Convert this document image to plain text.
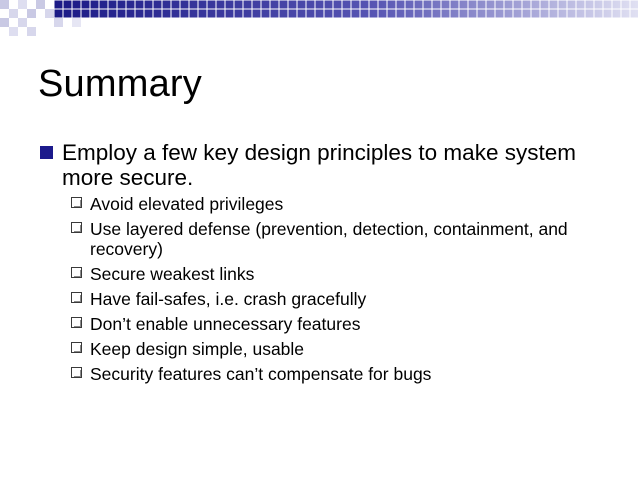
Summary
Employ a few key design principles to make system more secure.
Avoid elevated privileges
Use layered defense (prevention, detection, containment, and recovery)
Secure weakest links
Have fail-safes, i.e. crash gracefully
Don’t enable unnecessary features
Keep design simple, usable
Security features can’t compensate for bugs
